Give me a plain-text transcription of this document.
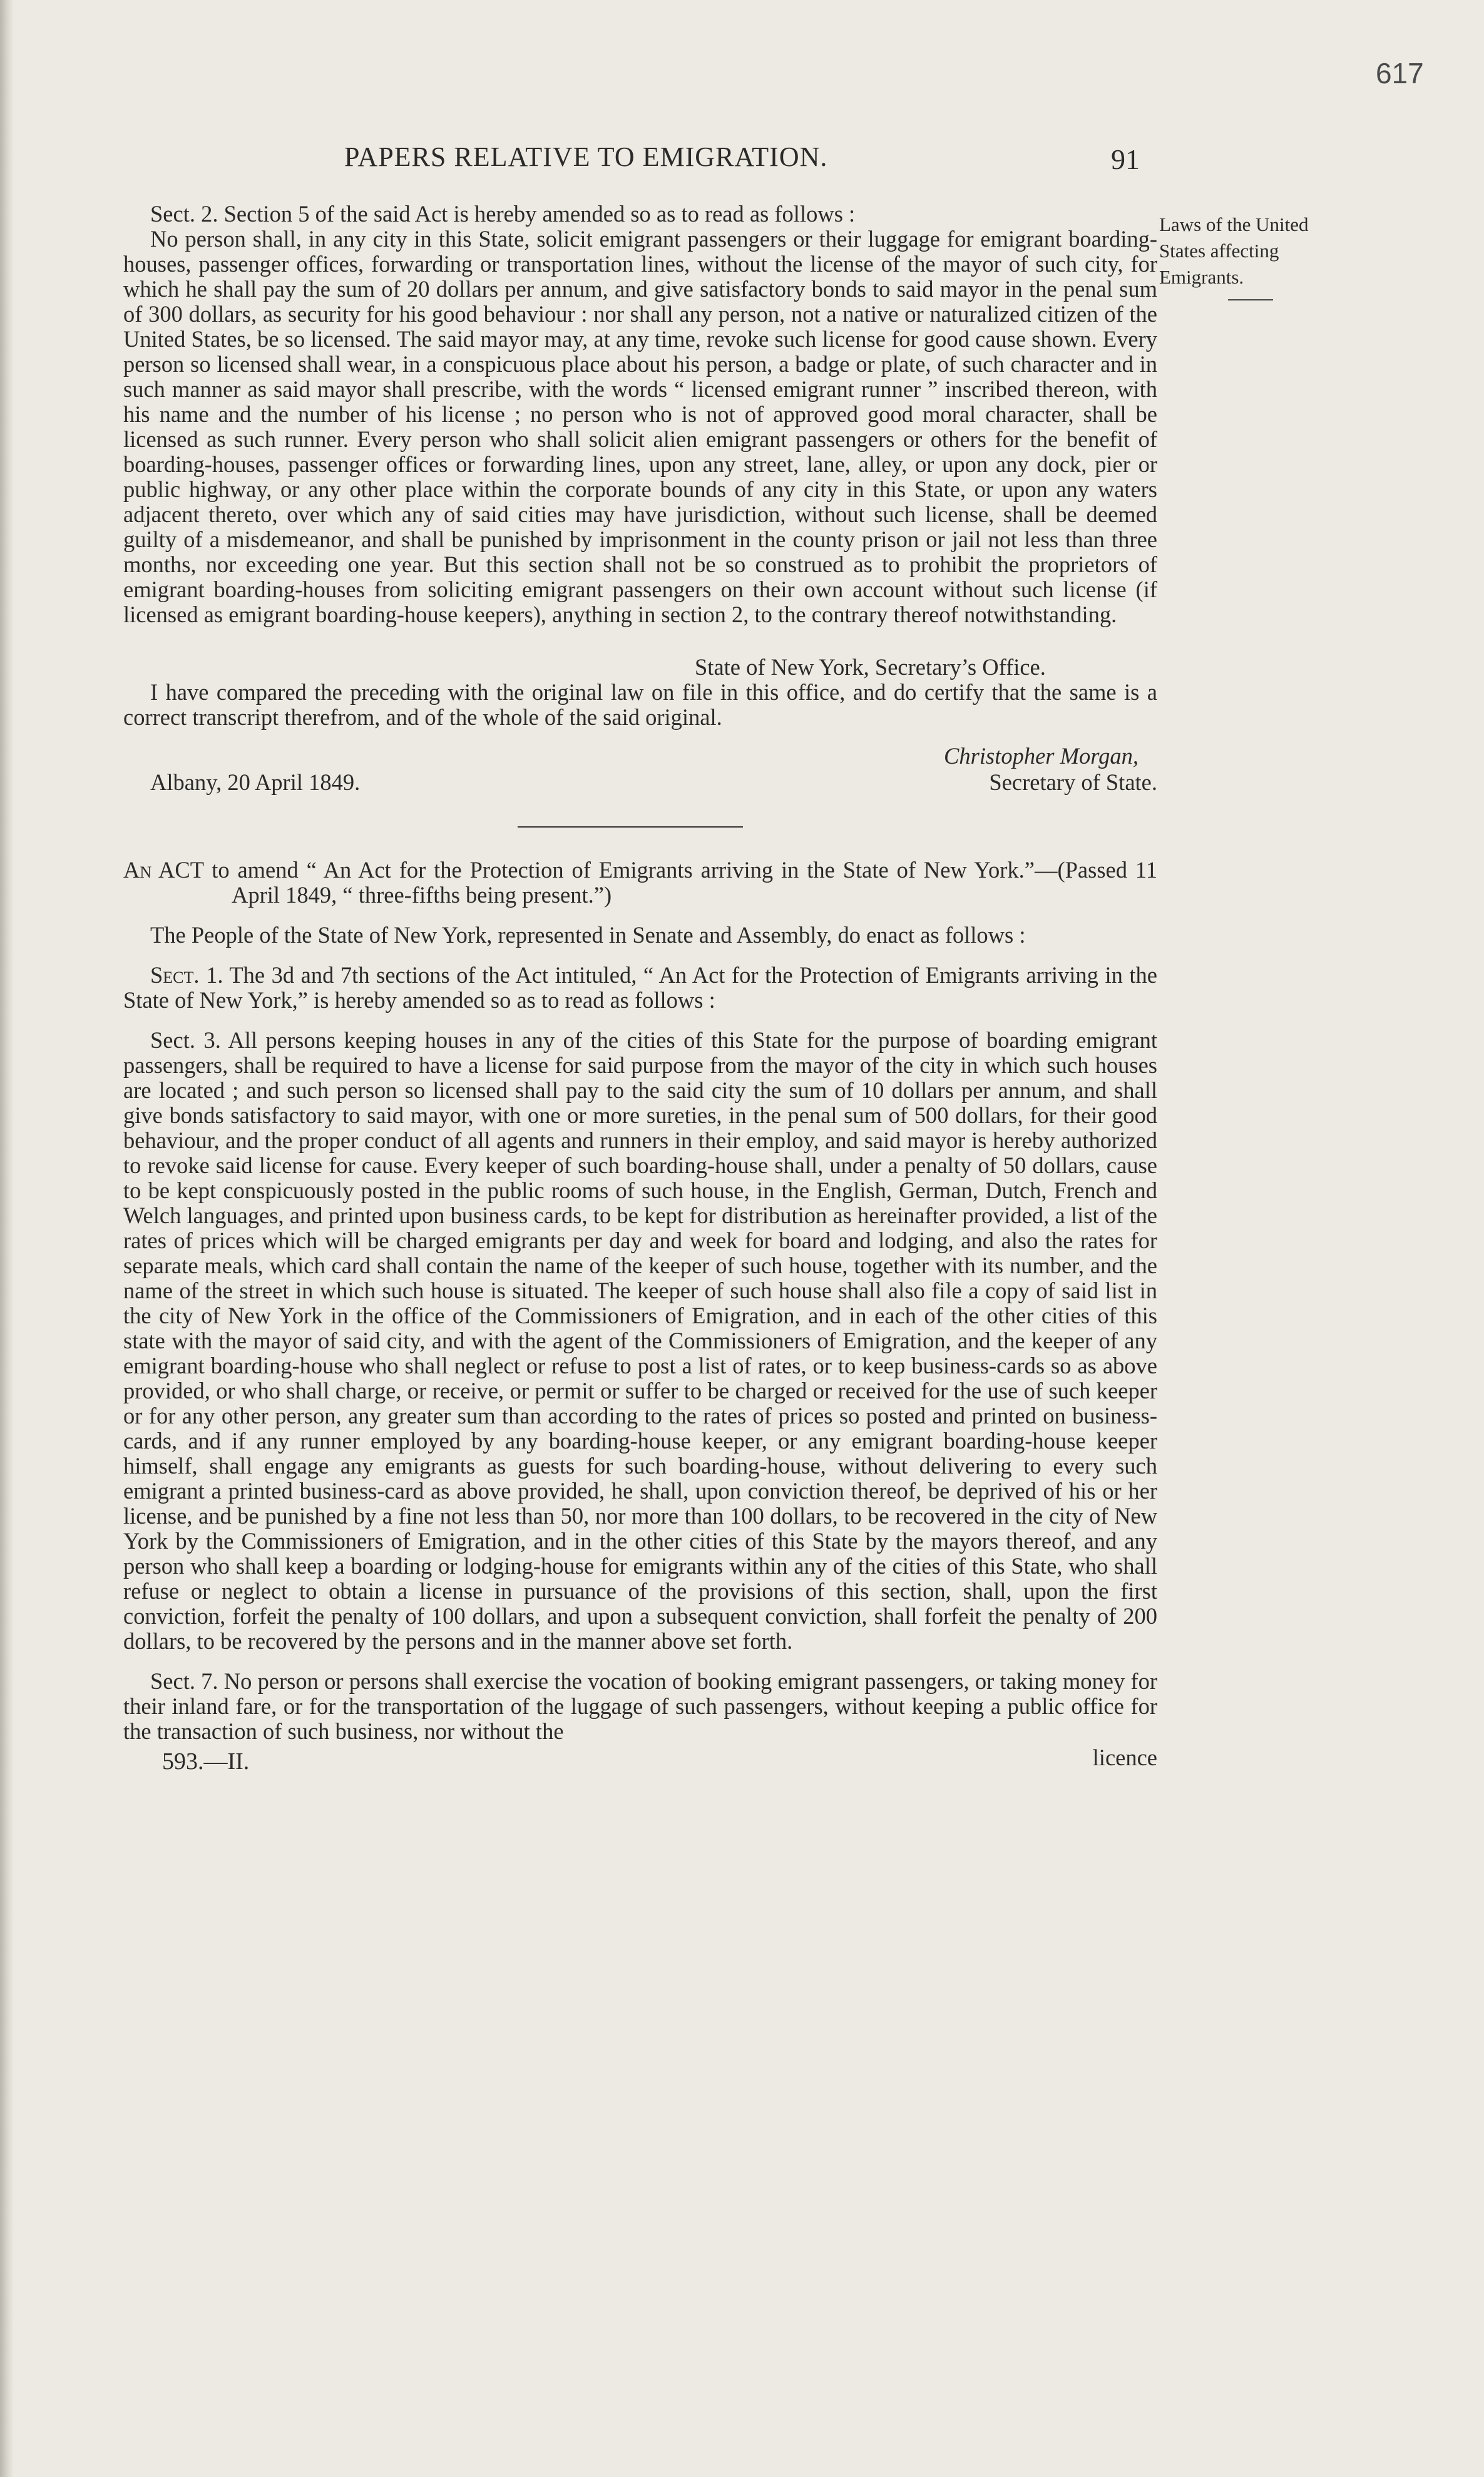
617
PAPERS RELATIVE TO EMIGRATION.	91
Laws of the United
States affecting
Emigrants.

Sect. 2. Section 5 of the said Act is hereby amended so as to read as follows :

No person shall, in any city in this State, solicit emigrant passengers or their luggage for emigrant boarding-houses, passenger offices, forwarding or transportation lines, without the license of the mayor of such city, for which he shall pay the sum of 20 dollars per annum, and give satisfactory bonds to said mayor in the penal sum of 300 dollars, as security for his good behaviour : nor shall any person, not a native or naturalized citizen of the United States, be so licensed. The said mayor may, at any time, revoke such license for good cause shown. Every person so licensed shall wear, in a conspicuous place about his person, a badge or plate, of such character and in such manner as said mayor shall prescribe, with the words “ licensed emigrant runner ” inscribed thereon, with his name and the number of his license ; no person who is not of approved good moral character, shall be licensed as such runner. Every person who shall solicit alien emigrant passengers or others for the benefit of boarding-houses, passenger offices or forwarding lines, upon any street, lane, alley, or upon any dock, pier or public highway, or any other place within the corporate bounds of any city in this State, or upon any waters adjacent thereto, over which any of said cities may have jurisdiction, without such license, shall be deemed guilty of a misdemeanor, and shall be punished by imprisonment in the county prison or jail not less than three months, nor exceeding one year. But this section shall not be so construed as to prohibit the proprietors of emigrant boarding-houses from soliciting emigrant passengers on their own account without such license (if licensed as emigrant boarding-house keepers), anything in section 2, to the contrary thereof notwithstanding.

State of New York, Secretary’s Office.

I have compared the preceding with the original law on file in this office, and do certify that the same is a correct transcript therefrom, and of the whole of the said original.

Christopher Morgan,
Secretary of State.
Albany, 20 April 1849.

An ACT to amend “ An Act for the Protection of Emigrants arriving in the State of New York.”—(Passed 11 April 1849, “ three-fifths being present.”)

The People of the State of New York, represented in Senate and Assembly, do enact as follows :

Sect. 1. The 3d and 7th sections of the Act intituled, “ An Act for the Protection of Emigrants arriving in the State of New York,” is hereby amended so as to read as follows :

Sect. 3. All persons keeping houses in any of the cities of this State for the purpose of boarding emigrant passengers, shall be required to have a license for said purpose from the mayor of the city in which such houses are located ; and such person so licensed shall pay to the said city the sum of 10 dollars per annum, and shall give bonds satisfactory to said mayor, with one or more sureties, in the penal sum of 500 dollars, for their good behaviour, and the proper conduct of all agents and runners in their employ, and said mayor is hereby authorized to revoke said license for cause. Every keeper of such boarding-house shall, under a penalty of 50 dollars, cause to be kept conspicuously posted in the public rooms of such house, in the English, German, Dutch, French and Welch languages, and printed upon business cards, to be kept for distribution as hereinafter provided, a list of the rates of prices which will be charged emigrants per day and week for board and lodging, and also the rates for separate meals, which card shall contain the name of the keeper of such house, together with its number, and the name of the street in which such house is situated. The keeper of such house shall also file a copy of said list in the city of New York in the office of the Commissioners of Emigration, and in each of the other cities of this state with the mayor of said city, and with the agent of the Commissioners of Emigration, and the keeper of any emigrant boarding-house who shall neglect or refuse to post a list of rates, or to keep business-cards so as above provided, or who shall charge, or receive, or permit or suffer to be charged or received for the use of such keeper or for any other person, any greater sum than according to the rates of prices so posted and printed on business-cards, and if any runner employed by any boarding-house keeper, or any emigrant boarding-house keeper himself, shall engage any emigrants as guests for such boarding-house, without delivering to every such emigrant a printed business-card as above provided, he shall, upon conviction thereof, be deprived of his or her license, and be punished by a fine not less than 50, nor more than 100 dollars, to be recovered in the city of New York by the Commissioners of Emigration, and in the other cities of this State by the mayors thereof, and any person who shall keep a boarding or lodging-house for emigrants within any of the cities of this State, who shall refuse or neglect to obtain a license in pursuance of the provisions of this section, shall, upon the first conviction, forfeit the penalty of 100 dollars, and upon a subsequent conviction, shall forfeit the penalty of 200 dollars, to be recovered by the persons and in the manner above set forth.

Sect. 7. No person or persons shall exercise the vocation of booking emigrant passengers, or taking money for their inland fare, or for the transportation of the luggage of such passengers, without keeping a public office for the transaction of such business, nor without the

593.—II.	licence
